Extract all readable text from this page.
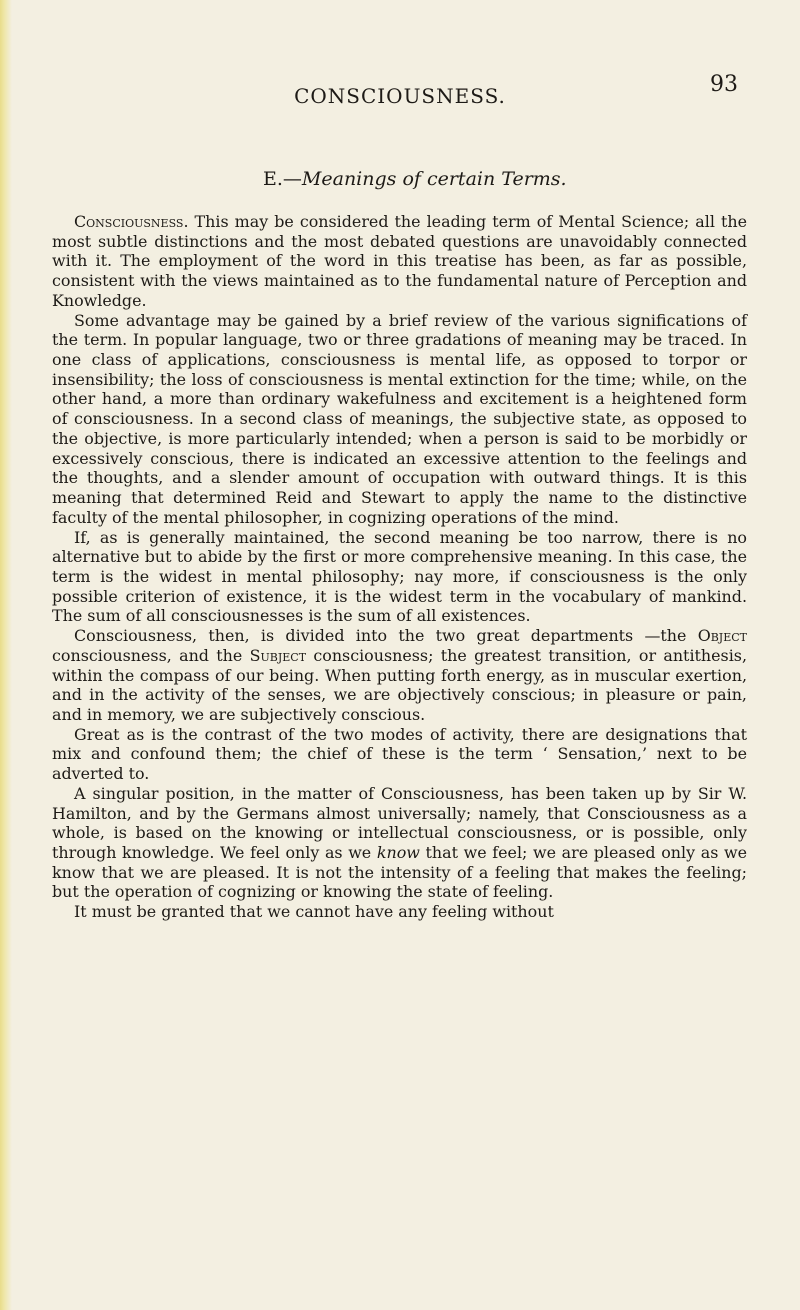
CONSCIOUSNESS.	93
E.—Meanings of certain Terms.

Consciousness. This may be considered the leading term of Mental Science; all the most subtle distinctions and the most debated questions are unavoidably connected with it. The employment of the word in this treatise has been, as far as possible, consistent with the views maintained as to the fundamental nature of Perception and Knowledge.

Some advantage may be gained by a brief review of the various significations of the term. In popular language, two or three gradations of meaning may be traced. In one class of applications, consciousness is mental life, as opposed to torpor or insensibility; the loss of consciousness is mental extinction for the time; while, on the other hand, a more than ordinary wakefulness and excitement is a heightened form of consciousness. In a second class of meanings, the subjective state, as opposed to the objective, is more particularly intended; when a person is said to be morbidly or excessively conscious, there is indicated an excessive attention to the feelings and the thoughts, and a slender amount of occupation with outward things. It is this meaning that determined Reid and Stewart to apply the name to the distinctive faculty of the mental philosopher, in cognizing operations of the mind.

If, as is generally maintained, the second meaning be too narrow, there is no alternative but to abide by the first or more comprehensive meaning. In this case, the term is the widest in mental philosophy; nay more, if consciousness is the only possible criterion of existence, it is the widest term in the vocabulary of mankind. The sum of all consciousnesses is the sum of all existences.

Consciousness, then, is divided into the two great departments —the Object consciousness, and the Subject consciousness; the greatest transition, or antithesis, within the compass of our being. When putting forth energy, as in muscular exertion, and in the activity of the senses, we are objectively conscious; in pleasure or pain, and in memory, we are subjectively conscious.

Great as is the contrast of the two modes of activity, there are designations that mix and confound them; the chief of these is the term ‘ Sensation,’ next to be adverted to.

A singular position, in the matter of Consciousness, has been taken up by Sir W. Hamilton, and by the Germans almost universally; namely, that Consciousness as a whole, is based on the knowing or intellectual consciousness, or is possible, only through knowledge. We feel only as we know that we feel; we are pleased only as we know that we are pleased. It is not the intensity of a feeling that makes the feeling; but the operation of cognizing or knowing the state of feeling.

It must be granted that we cannot have any feeling without
